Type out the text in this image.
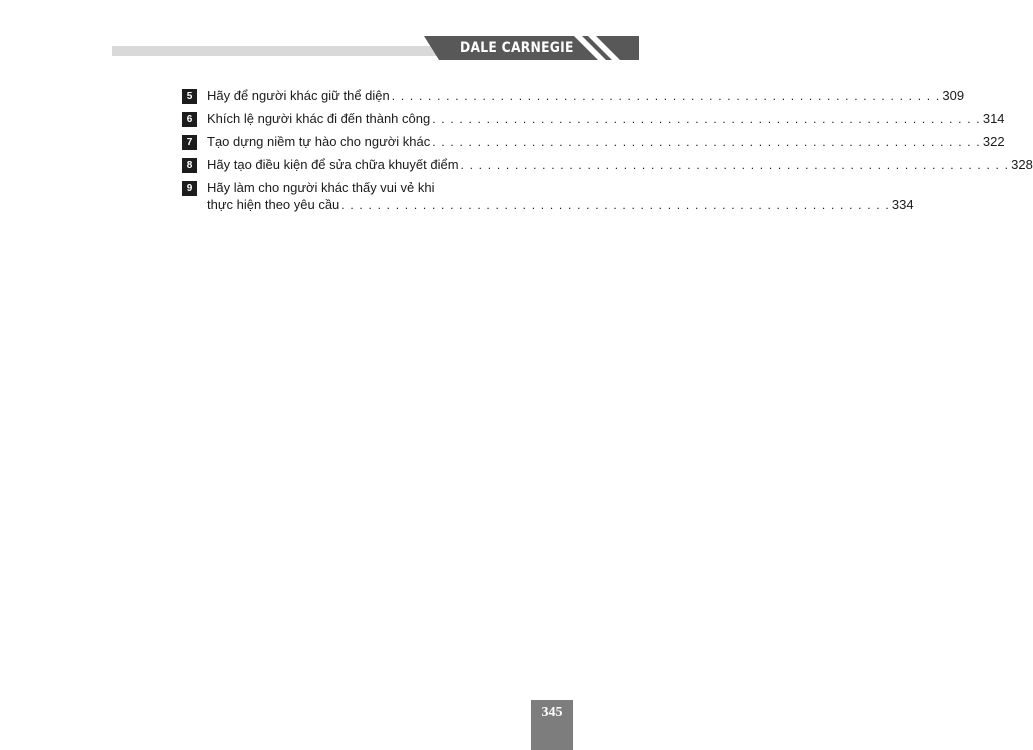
DALE CARNEGIE
5	Hãy để người khác giữ thể diện . . .	309
6	Khích lệ người khác đi đến thành công . . .	314
7	Tạo dựng niềm tự hào cho người khác . . .	322
8	Hãy tạo điều kiện để sửa chữa khuyết điểm . . .	328
9	Hãy làm cho người khác thấy vui vẻ khi
thực hiện theo yêu cầu . . .	334
345
